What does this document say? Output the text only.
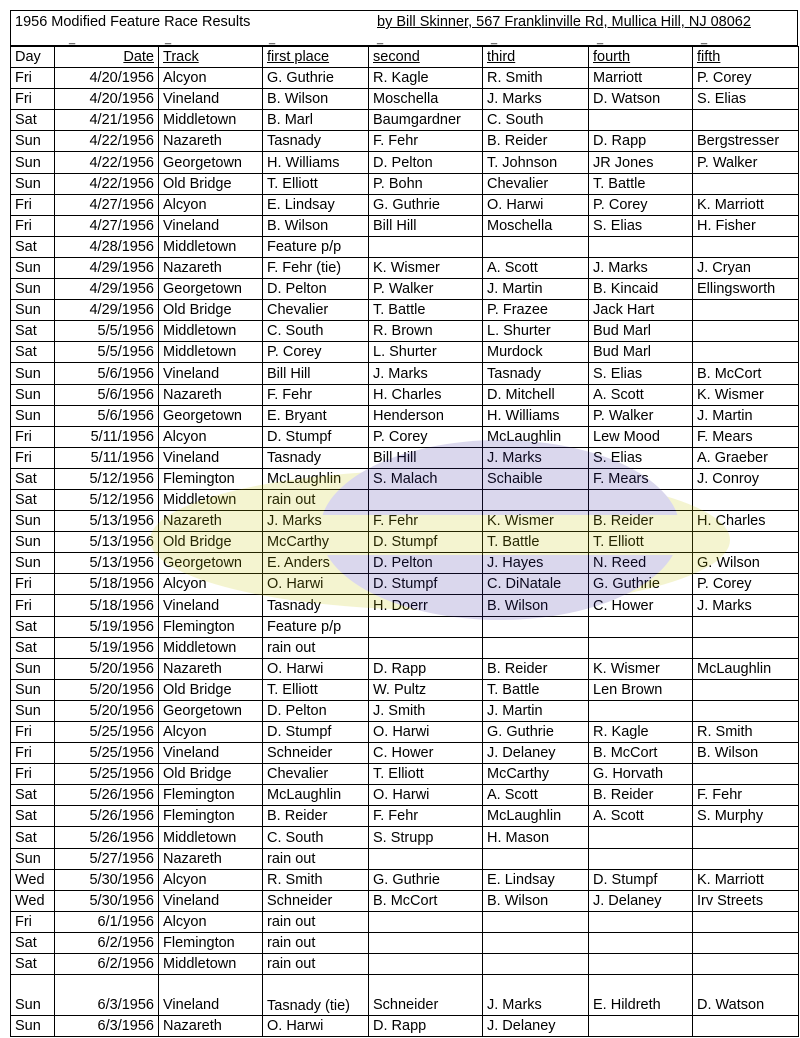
1956 Modified Feature Race Results	by Bill Skinner, 567 Franklinville Rd, Mullica Hill, NJ 08062
_	_	_	_	_	_	_
Day	Date	Track	first place	second	third	fourth	fifth
Fri	4/20/1956	Alcyon	G. Guthrie	R. Kagle	R. Smith	Marriott	P. Corey
Fri	4/20/1956	Vineland	B. Wilson	Moschella	J. Marks	D. Watson	S. Elias
Sat	4/21/1956	Middletown	B. Marl	Baumgardner	C. South		
Sun	4/22/1956	Nazareth	Tasnady	F. Fehr	B. Reider	D. Rapp	Bergstresser
Sun	4/22/1956	Georgetown	H. Williams	D. Pelton	T. Johnson	JR Jones	P. Walker
Sun	4/22/1956	Old Bridge	T. Elliott	P. Bohn	Chevalier	T. Battle	
Fri	4/27/1956	Alcyon	E. Lindsay	G. Guthrie	O. Harwi	P. Corey	K. Marriott
Fri	4/27/1956	Vineland	B. Wilson	Bill Hill	Moschella	S. Elias	H. Fisher
Sat	4/28/1956	Middletown	Feature p/p				
Sun	4/29/1956	Nazareth	F. Fehr (tie)	K. Wismer	A. Scott	J. Marks	J. Cryan
Sun	4/29/1956	Georgetown	D. Pelton	P. Walker	J. Martin	B. Kincaid	Ellingsworth
Sun	4/29/1956	Old Bridge	Chevalier	T. Battle	P. Frazee	Jack Hart	
Sat	5/5/1956	Middletown	C. South	R. Brown	L. Shurter	Bud Marl	
Sat	5/5/1956	Middletown	P. Corey	L. Shurter	Murdock	Bud Marl	
Sun	5/6/1956	Vineland	Bill Hill	J. Marks	Tasnady	S. Elias	B. McCort
Sun	5/6/1956	Nazareth	F. Fehr	H. Charles	D. Mitchell	A. Scott	K. Wismer
Sun	5/6/1956	Georgetown	E. Bryant	Henderson	H. Williams	P. Walker	J. Martin
Fri	5/11/1956	Alcyon	D. Stumpf	P. Corey	McLaughlin	Lew Mood	F. Mears
Fri	5/11/1956	Vineland	Tasnady	Bill Hill	J. Marks	S. Elias	A. Graeber
Sat	5/12/1956	Flemington	McLaughlin	S. Malach	Schaible	F. Mears	J. Conroy
Sat	5/12/1956	Middletown	rain out				
Sun	5/13/1956	Nazareth	J. Marks	F. Fehr	K. Wismer	B. Reider	H. Charles
Sun	5/13/1956	Old Bridge	McCarthy	D. Stumpf	T. Battle	T. Elliott	
Sun	5/13/1956	Georgetown	E. Anders	D. Pelton	J. Hayes	N. Reed	G. Wilson
Fri	5/18/1956	Alcyon	O. Harwi	D. Stumpf	C. DiNatale	G. Guthrie	P. Corey
Fri	5/18/1956	Vineland	Tasnady	H. Doerr	B. Wilson	C. Hower	J. Marks
Sat	5/19/1956	Flemington	Feature p/p				
Sat	5/19/1956	Middletown	rain out				
Sun	5/20/1956	Nazareth	O. Harwi	D. Rapp	B. Reider	K. Wismer	McLaughlin
Sun	5/20/1956	Old Bridge	T. Elliott	W. Pultz	T. Battle	Len Brown	
Sun	5/20/1956	Georgetown	D. Pelton	J. Smith	J. Martin		
Fri	5/25/1956	Alcyon	D. Stumpf	O. Harwi	G. Guthrie	R. Kagle	R. Smith
Fri	5/25/1956	Vineland	Schneider	C. Hower	J. Delaney	B. McCort	B. Wilson
Fri	5/25/1956	Old Bridge	Chevalier	T. Elliott	McCarthy	G. Horvath	
Sat	5/26/1956	Flemington	McLaughlin	O. Harwi	A. Scott	B. Reider	F. Fehr
Sat	5/26/1956	Flemington	B. Reider	F. Fehr	McLaughlin	A. Scott	S. Murphy
Sat	5/26/1956	Middletown	C. South	S. Strupp	H. Mason		
Sun	5/27/1956	Nazareth	rain out				
Wed	5/30/1956	Alcyon	R. Smith	G. Guthrie	E. Lindsay	D. Stumpf	K. Marriott
Wed	5/30/1956	Vineland	Schneider	B. McCort	B. Wilson	J. Delaney	Irv Streets
Fri	6/1/1956	Alcyon	rain out				
Sat	6/2/1956	Flemington	rain out				
Sat	6/2/1956	Middletown	rain out				
Sun	6/3/1956	Vineland	Tasnady (tie)	Schneider	J. Marks	E. Hildreth	D. Watson
Sun	6/3/1956	Nazareth	O. Harwi	D. Rapp	J. Delaney		
